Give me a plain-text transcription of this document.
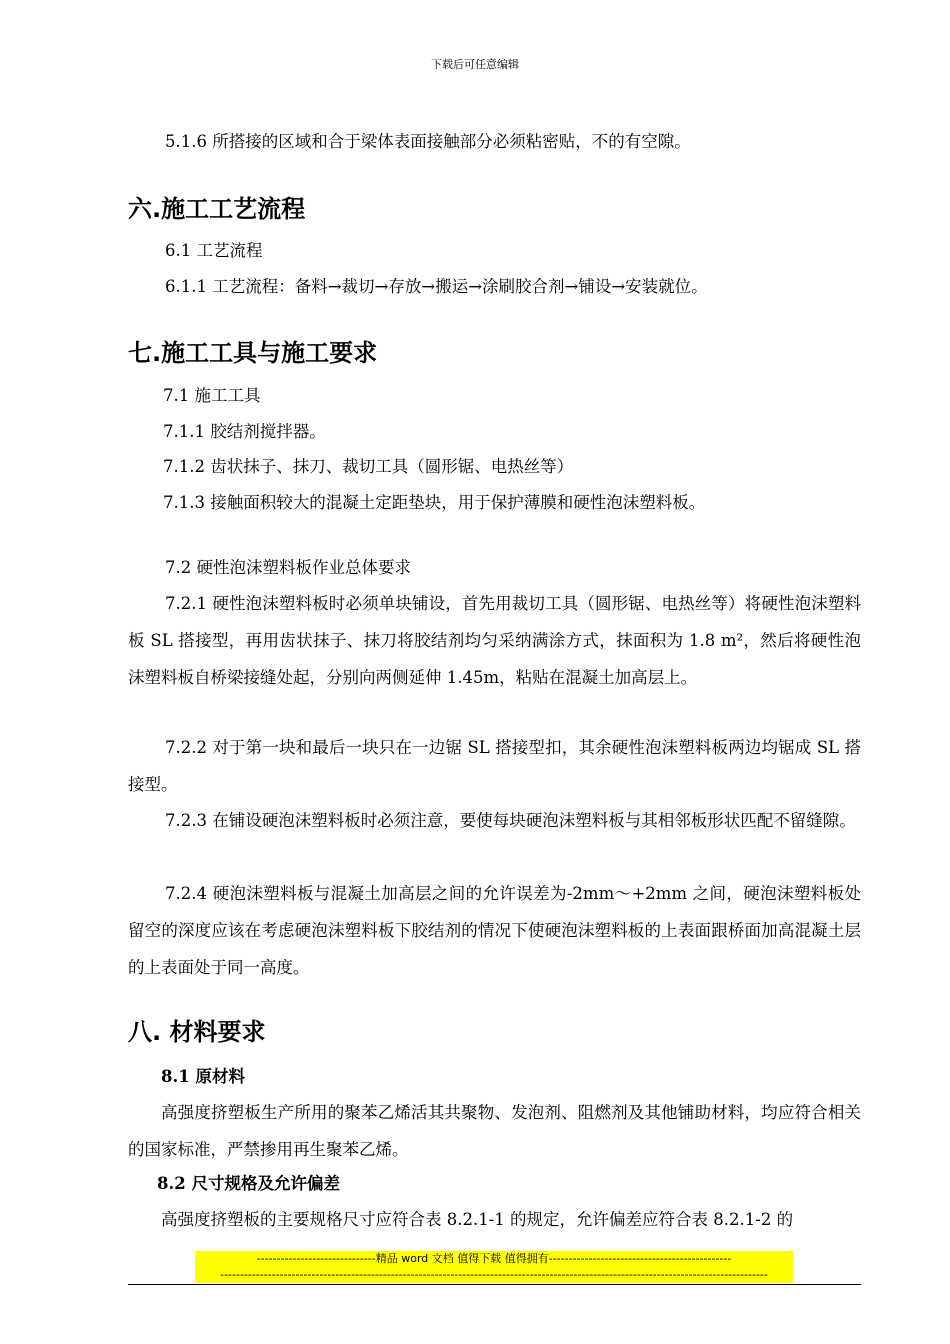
下载后可任意编辑
5.1.6 所搭接的区域和合于梁体表面接触部分必须粘密贴，不的有空隙。
六.施工工艺流程
6.1 工艺流程
6.1.1 工艺流程：备料→裁切→存放→搬运→涂刷胶合剂→铺设→安装就位。
七.施工工具与施工要求
7.1 施工工具
7.1.1 胶结剂搅拌器。
7.1.2 齿状抹子、抹刀、裁切工具（圆形锯、电热丝等）
7.1.3 接触面积较大的混凝土定距垫块，用于保护薄膜和硬性泡沫塑料板。
7.2 硬性泡沫塑料板作业总体要求
7.2.1 硬性泡沫塑料板时必须单块铺设，首先用裁切工具（圆形锯、电热丝等）将硬性泡沫塑料板 SL 搭接型，再用齿状抹子、抹刀将胶结剂均匀采纳满涂方式，抹面积为 1.8 m²，然后将硬性泡沫塑料板自桥梁接缝处起，分别向两侧延伸 1.45m，粘贴在混凝土加高层上。
7.2.2 对于第一块和最后一块只在一边锯 SL 搭接型扣，其余硬性泡沫塑料板两边均锯成 SL 搭接型。
7.2.3 在铺设硬泡沫塑料板时必须注意，要使每块硬泡沫塑料板与其相邻板形状匹配不留缝隙。
7.2.4 硬泡沫塑料板与混凝土加高层之间的允许误差为-2mm～+2mm 之间，硬泡沫塑料板处留空的深度应该在考虑硬泡沫塑料板下胶结剂的情况下使硬泡沫塑料板的上表面跟桥面加高混凝土层的上表面处于同一高度。
八. 材料要求
8.1 原材料
高强度挤塑板生产所用的聚苯乙烯活其共聚物、发泡剂、阻燃剂及其他铺助材料，均应符合相关的国家标准，严禁掺用再生聚苯乙烯。
8.2 尺寸规格及允许偏差
高强度挤塑板的主要规格尺寸应符合表 8.2.1-1 的规定，允许偏差应符合表 8.2.1-2 的
------------------------------精品 word 文档 值得下载 值得拥有----------------------------------------------
------------------------------------------------------------------------------------------------------------------------------------------
